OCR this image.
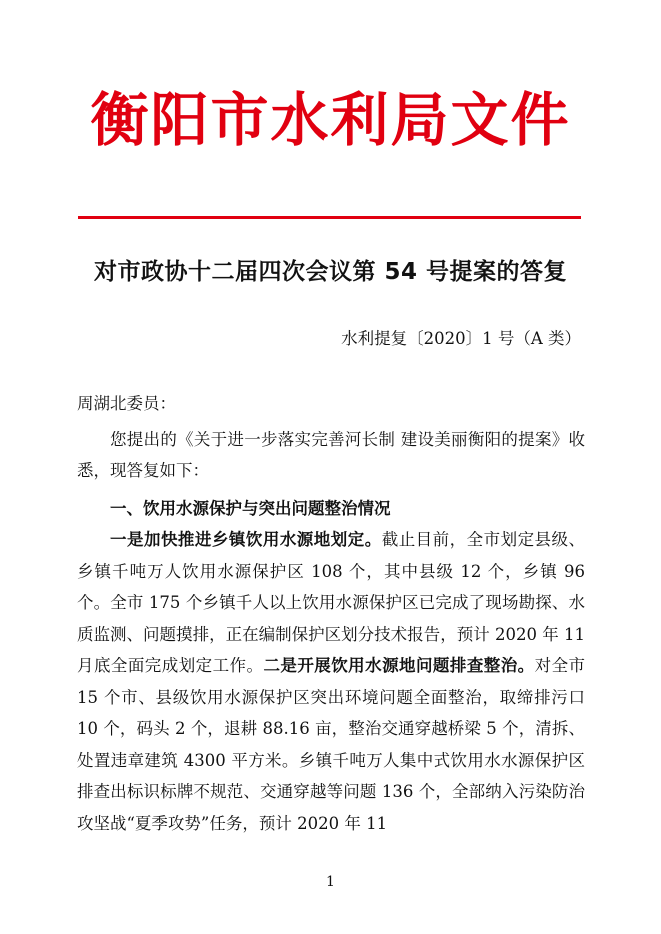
衡阳市水利局文件
对市政协十二届四次会议第 54 号提案的答复
水利提复〔2020〕1 号（A 类）

周湖北委员：

您提出的《关于进一步落实完善河长制 建设美丽衡阳的提案》收悉，现答复如下：

一、饮用水源保护与突出问题整治情况

一是加快推进乡镇饮用水源地划定。截止目前，全市划定县级、乡镇千吨万人饮用水源保护区 108 个，其中县级 12 个，乡镇 96 个。全市 175 个乡镇千人以上饮用水源保护区已完成了现场勘探、水质监测、问题摸排，正在编制保护区划分技术报告，预计 2020 年 11 月底全面完成划定工作。二是开展饮用水源地问题排查整治。对全市 15 个市、县级饮用水源保护区突出环境问题全面整治，取缔排污口 10 个，码头 2 个，退耕 88.16 亩，整治交通穿越桥梁 5 个，清拆、处置违章建筑 4300 平方米。乡镇千吨万人集中式饮用水水源保护区排查出标识标牌不规范、交通穿越等问题 136 个，全部纳入污染防治攻坚战“夏季攻势”任务，预计 2020 年 11

1
